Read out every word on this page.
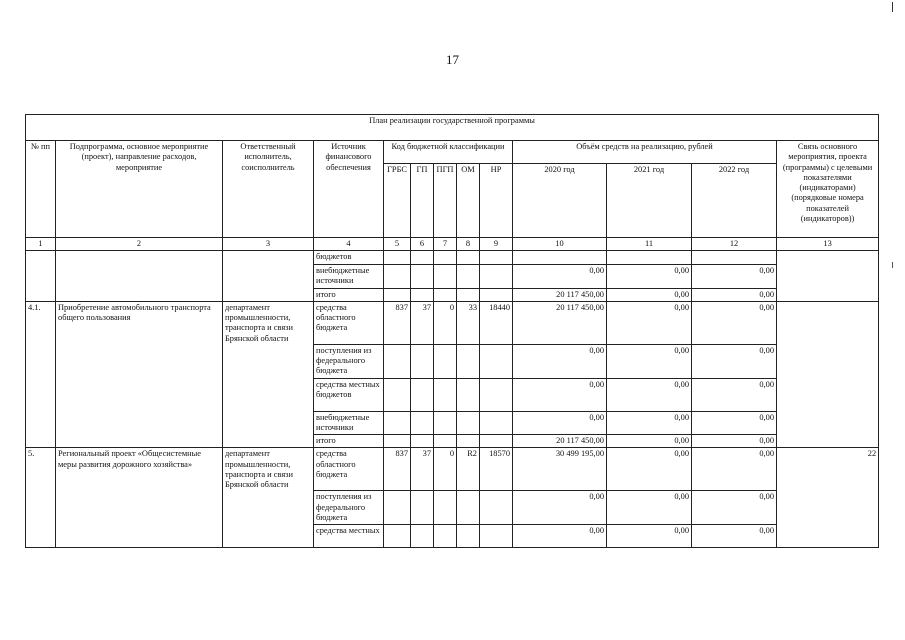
17
План реализации государственной программы												
№ пп	Подпрограмма, основное мероприятие (проект), направление расходов, мероприятие	Ответственный исполнитель, соисполнитель	Источник финансового обеспечения	Код бюджетной классификации					Объём средств на реализацию, рублей			Связь основного мероприятия, проекта (программы) с целевыми показателями (индикаторами) (порядковые номера показателей (индикаторов))
				ГРБС	ГП	ПГП	ОМ	НР	2020 год	2021 год	2022 год	
1	2	3	4	5	6	7	8	9	10	11	12	13
			бюджетов									
			внебюджетные источники						0,00	0,00	0,00	
			итого						20 117 450,00	0,00	0,00	
4.1.	Приобретение автомобильного транспорта общего пользования	департамент промышленности, транспорта и связи Брянской области	средства областного бюджета	837	37	0	33	18440	20 117 450,00	0,00	0,00	
			поступления из федерального бюджета						0,00	0,00	0,00	
			средства местных бюджетов						0,00	0,00	0,00	
			внебюджетные источники						0,00	0,00	0,00	
			итого						20 117 450,00	0,00	0,00	
5.	Региональный проект «Общесистемные меры развития дорожного хозяйства»	департамент промышленности, транспорта и связи Брянской области	средства областного бюджета	837	37	0	R2	18570	30 499 195,00	0,00	0,00	22
			поступления из федерального бюджета						0,00	0,00	0,00	
			средства местных						0,00	0,00	0,00	
